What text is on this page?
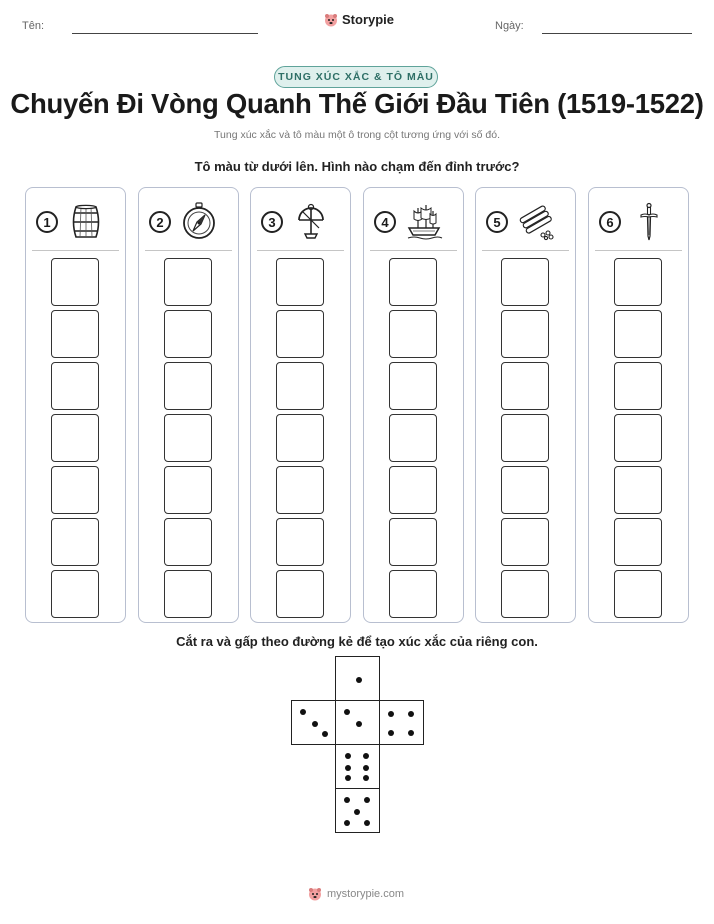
Tên:	Storypie	Ngày:
TUNG XÚC XẮC & TÔ MÀU
Chuyến Đi Vòng Quanh Thế Giới Đầu Tiên (1519-1522)
Tung xúc xắc và tô màu một ô trong cột tương ứng với số đó.
Tô màu từ dưới lên. Hình nào chạm đến đỉnh trước?
1	2	3	4	5	6
Cắt ra và gấp theo đường kẻ để tạo xúc xắc của riêng con.
mystorypie.com
